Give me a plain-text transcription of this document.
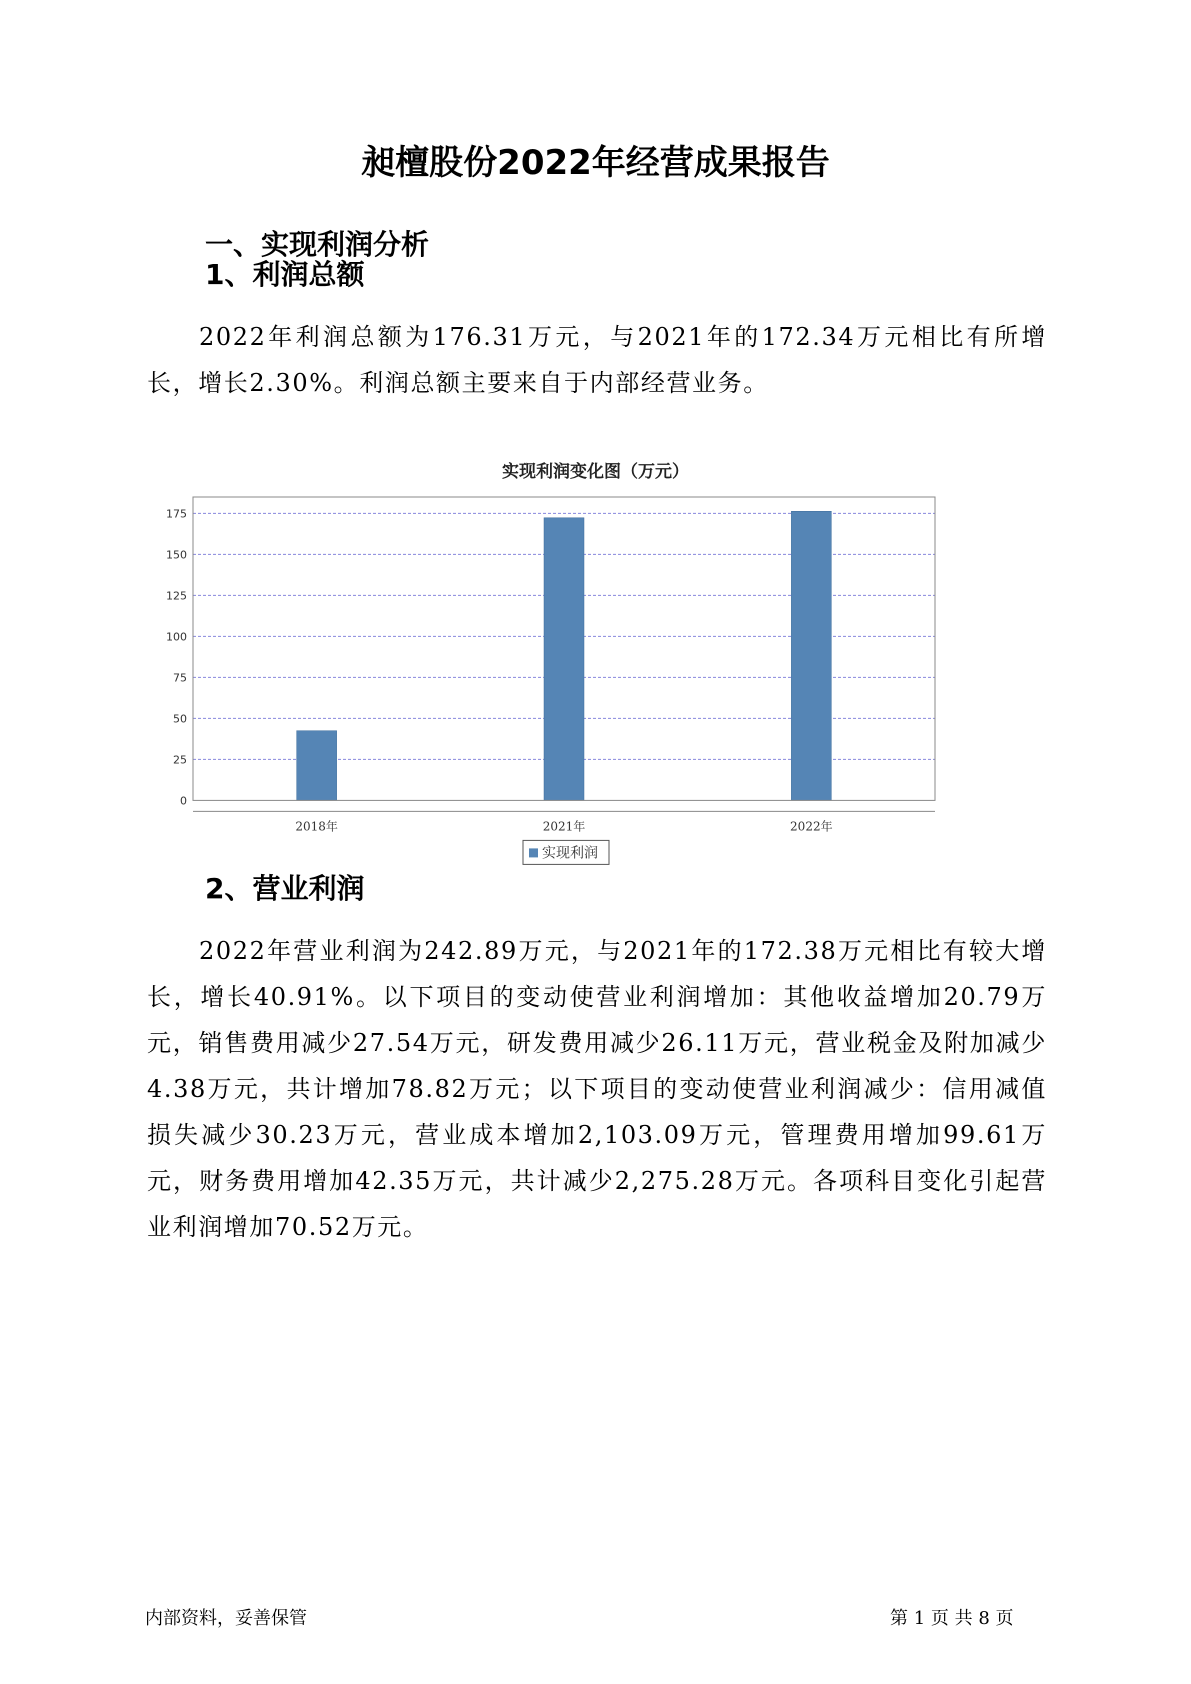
昶檀股份2022年经营成果报告
一、实现利润分析
1、利润总额
2022年利润总额为176.31万元，与2021年的172.34万元相比有所增长，增长2.30%。利润总额主要来自于内部经营业务。
实现利润变化图（万元）
0
25
50
75
100
125
150
175
2018年	2021年	2022年
实现利润
2、营业利润
2022年营业利润为242.89万元，与2021年的172.38万元相比有较大增长，增长40.91%。以下项目的变动使营业利润增加：其他收益增加20.79万元，销售费用减少27.54万元，研发费用减少26.11万元，营业税金及附加减少4.38万元，共计增加78.82万元；以下项目的变动使营业利润减少：信用减值损失减少30.23万元，营业成本增加2,103.09万元，管理费用增加99.61万元，财务费用增加42.35万元，共计减少2,275.28万元。各项科目变化引起营业利润增加70.52万元。
内部资料，妥善保管	第 1 页 共 8 页
